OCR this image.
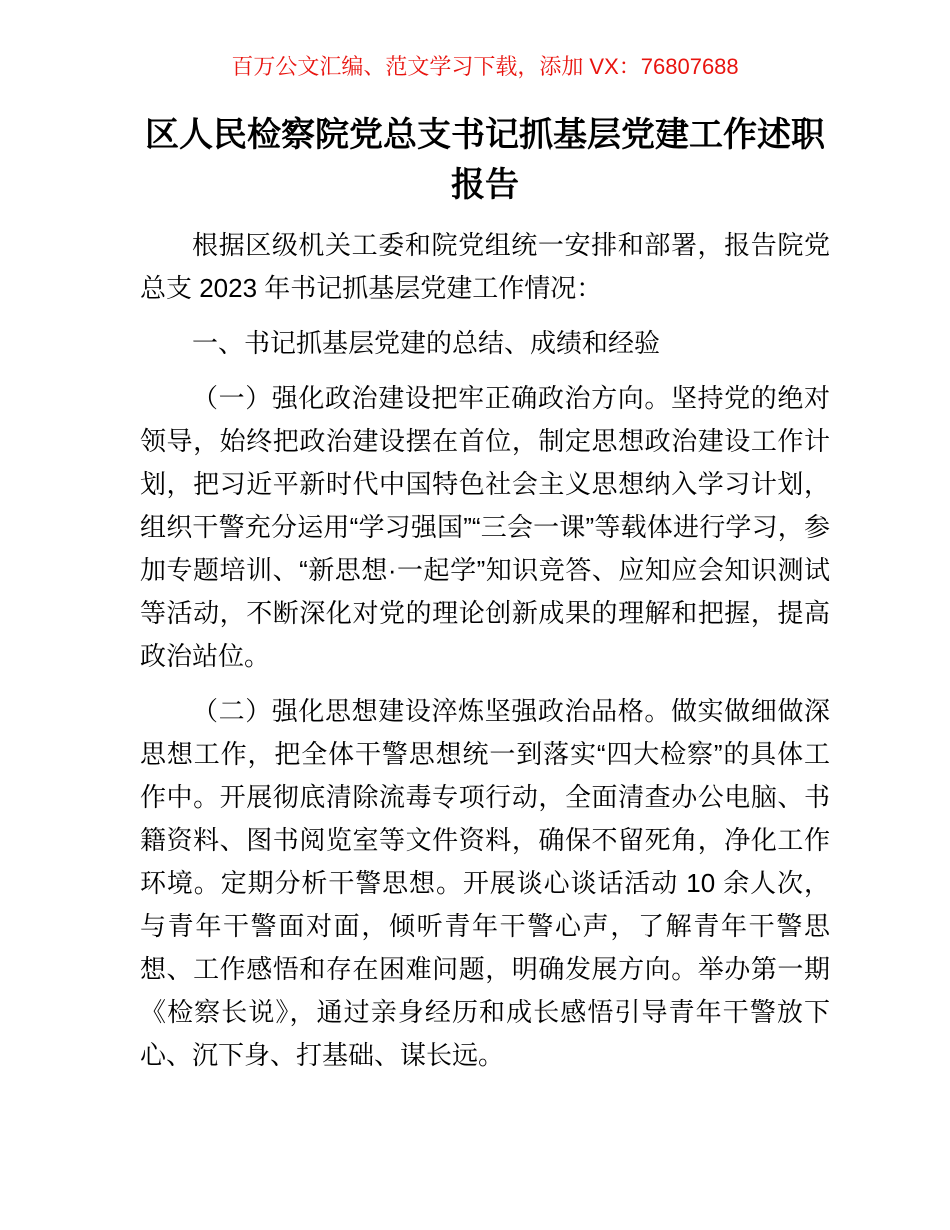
百万公文汇编、范文学习下载，添加 VX：76807688
区人民检察院党总支书记抓基层党建工作述职报告

根据区级机关工委和院党组统一安排和部署，报告院党总支 2023 年书记抓基层党建工作情况：

一、书记抓基层党建的总结、成绩和经验

（一）强化政治建设把牢正确政治方向。坚持党的绝对领导，始终把政治建设摆在首位，制定思想政治建设工作计划，把习近平新时代中国特色社会主义思想纳入学习计划，组织干警充分运用“学习强国”“三会一课”等载体进行学习，参加专题培训、“新思想·一起学”知识竞答、应知应会知识测试等活动，不断深化对党的理论创新成果的理解和把握，提高政治站位。

（二）强化思想建设淬炼坚强政治品格。做实做细做深思想工作，把全体干警思想统一到落实“四大检察”的具体工作中。开展彻底清除流毒专项行动，全面清查办公电脑、书籍资料、图书阅览室等文件资料，确保不留死角，净化工作环境。定期分析干警思想。开展谈心谈话活动 10 余人次，与青年干警面对面，倾听青年干警心声，了解青年干警思想、工作感悟和存在困难问题，明确发展方向。举办第一期《检察长说》，通过亲身经历和成长感悟引导青年干警放下心、沉下身、打基础、谋长远。
